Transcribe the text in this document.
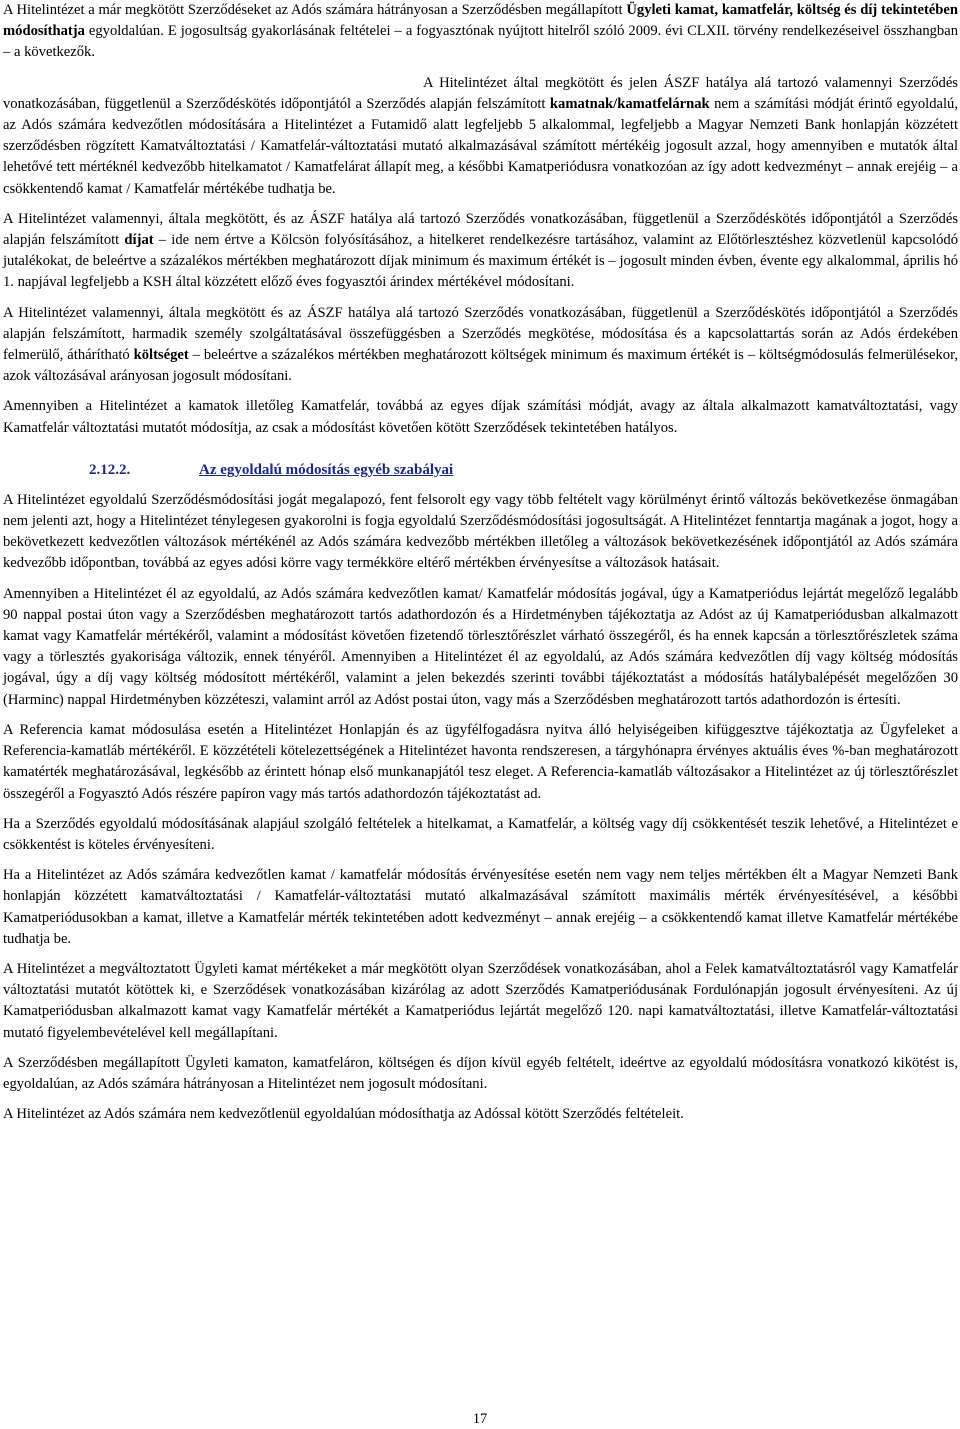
A Hitelintézet a már megkötött Szerződéseket az Adós számára hátrányosan a Szerződésben megállapított Ügyleti kamat, kamatfelár, költség és díj tekintetében módosíthatja egyoldalúan. E jogosultság gyakorlásának feltételei – a fogyasztónak nyújtott hitelről szóló 2009. évi CLXII. törvény rendelkezéseivel összhangban – a következők.

A Hitelintézet által megkötött és jelen ÁSZF hatálya alá tartozó valamennyi Szerződés vonatkozásában, függetlenül a Szerződéskötés időpontjától a Szerződés alapján felszámított kamatnak/kamatfelárnak nem a számítási módját érintő egyoldalú, az Adós számára kedvezőtlen módosítására a Hitelintézet a Futamidő alatt legfeljebb 5 alkalommal, legfeljebb a Magyar Nemzeti Bank honlapján közzétett szerződésben rögzített Kamatváltoztatási / Kamatfelár-változtatási mutató alkalmazásával számított mértékéig jogosult azzal, hogy amennyiben e mutatók által lehetővé tett mértéknél kedvezőbb hitelkamatot / Kamatfelárat állapít meg, a későbbi Kamatperiódusra vonatkozóan az így adott kedvezményt – annak erejéig – a csökkentendő kamat / Kamatfelár mértékébe tudhatja be.

A Hitelintézet valamennyi, általa megkötött, és az ÁSZF hatálya alá tartozó Szerződés vonatkozásában, függetlenül a Szerződéskötés időpontjától a Szerződés alapján felszámított díjat – ide nem értve a Kölcsön folyósításához, a hitelkeret rendelkezésre tartásához, valamint az Előtörlesztéshez közvetlenül kapcsolódó jutalékokat, de beleértve a százalékos mértékben meghatározott díjak minimum és maximum értékét is – jogosult minden évben, évente egy alkalommal, április hó 1. napjával legfeljebb a KSH által közzétett előző éves fogyasztói árindex mértékével módosítani.

A Hitelintézet valamennyi, általa megkötött és az ÁSZF hatálya alá tartozó Szerződés vonatkozásában, függetlenül a Szerződéskötés időpontjától a Szerződés alapján felszámított, harmadik személy szolgáltatásával összefüggésben a Szerződés megkötése, módosítása és a kapcsolattartás során az Adós érdekében felmerülő, áthárítható költséget – beleértve a százalékos mértékben meghatározott költségek minimum és maximum értékét is – költségmódosulás felmerülésekor, azok változásával arányosan jogosult módosítani.

Amennyiben a Hitelintézet a kamatok illetőleg Kamatfelár, továbbá az egyes díjak számítási módját, avagy az általa alkalmazott kamatváltoztatási, vagy Kamatfelár változtatási mutatót módosítja, az csak a módosítást követően kötött Szerződések tekintetében hatályos.

2.12.2.	Az egyoldalú módosítás egyéb szabályai

A Hitelintézet egyoldalú Szerződésmódosítási jogát megalapozó, fent felsorolt egy vagy több feltételt vagy körülményt érintő változás bekövetkezése önmagában nem jelenti azt, hogy a Hitelintézet ténylegesen gyakorolni is fogja egyoldalú Szerződésmódosítási jogosultságát. A Hitelintézet fenntartja magának a jogot, hogy a bekövetkezett kedvezőtlen változások mértékénél az Adós számára kedvezőbb mértékben illetőleg a változások bekövetkezésének időpontjától az Adós számára kedvezőbb időpontban, továbbá az egyes adósi körre vagy termékköre eltérő mértékben érvényesítse a változások hatásait.

Amennyiben a Hitelintézet él az egyoldalú, az Adós számára kedvezőtlen kamat/ Kamatfelár módosítás jogával, úgy a Kamatperiódus lejártát megelőző legalább 90 nappal postai úton vagy a Szerződésben meghatározott tartós adathordozón és a Hirdetményben tájékoztatja az Adóst az új Kamatperiódusban alkalmazott kamat vagy Kamatfelár mértékéről, valamint a módosítást követően fizetendő törlesztőrészlet várható összegéről, és ha ennek kapcsán a törlesztőrészletek száma vagy a törlesztés gyakorisága változik, ennek tényéről. Amennyiben a Hitelintézet él az egyoldalú, az Adós számára kedvezőtlen díj vagy költség módosítás jogával, úgy a díj vagy költség módosított mértékéről, valamint a jelen bekezdés szerinti további tájékoztatást a módosítás hatálybalépését megelőzően 30 (Harminc) nappal Hirdetményben közzéteszi, valamint arról az Adóst postai úton, vagy más a Szerződésben meghatározott tartós adathordozón is értesíti.

A Referencia kamat módosulása esetén a Hitelintézet Honlapján és az ügyfélfogadásra nyitva álló helyiségeiben kifüggesztve tájékoztatja az Ügyfeleket a Referencia-kamatláb mértékéről. E közzétételi kötelezettségének a Hitelintézet havonta rendszeresen, a tárgyhónapra érvényes aktuális éves %-ban meghatározott kamatérték meghatározásával, legkésőbb az érintett hónap első munkanapjától tesz eleget. A Referencia-kamatláb változásakor a Hitelintézet az új törlesztőrészlet összegéről a Fogyasztó Adós részére papíron vagy más tartós adathordozón tájékoztatást ad.

Ha a Szerződés egyoldalú módosításának alapjául szolgáló feltételek a hitelkamat, a Kamatfelár, a költség vagy díj csökkentését teszik lehetővé, a Hitelintézet e csökkentést is köteles érvényesíteni.

Ha a Hitelintézet az Adós számára kedvezőtlen kamat / kamatfelár módosítás érvényesítése esetén nem vagy nem teljes mértékben élt a Magyar Nemzeti Bank honlapján közzétett kamatváltoztatási / Kamatfelár-változtatási mutató alkalmazásával számított maximális mérték érvényesítésével, a későbbi Kamatperiódusokban a kamat, illetve a Kamatfelár mérték tekintetében adott kedvezményt – annak erejéig – a csökkentendő kamat illetve Kamatfelár mértékébe tudhatja be.

A Hitelintézet a megváltoztatott Ügyleti kamat mértékeket a már megkötött olyan Szerződések vonatkozásában, ahol a Felek kamatváltoztatásról vagy Kamatfelár változtatási mutatót kötöttek ki, e Szerződések vonatkozásában kizárólag az adott Szerződés Kamatperiódusának Fordulónapján jogosult érvényesíteni. Az új Kamatperiódusban alkalmazott kamat vagy Kamatfelár mértékét a Kamatperiódus lejártát megelőző 120. napi kamatváltoztatási, illetve Kamatfelár-változtatási mutató figyelembevételével kell megállapítani.

A Szerződésben megállapított Ügyleti kamaton, kamatfeláron, költségen és díjon kívül egyéb feltételt, ideértve az egyoldalú módosításra vonatkozó kikötést is, egyoldalúan, az Adós számára hátrányosan a Hitelintézet nem jogosult módosítani.

A Hitelintézet az Adós számára nem kedvezőtlenül egyoldalúan módosíthatja az Adóssal kötött Szerződés feltételeit.

17
